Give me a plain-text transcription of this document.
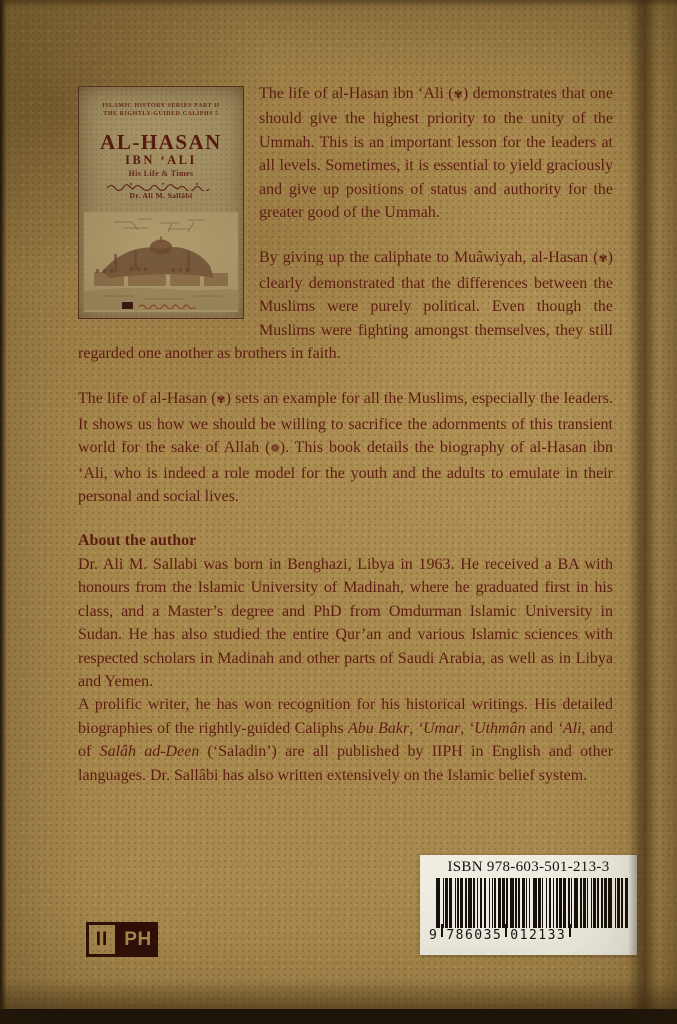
ISLAMIC HISTORY SERIES PART II
THE RIGHTLY-GUIDED CALIPHS 5
AL-HASAN
IBN ‘ALI
His Life & Times
Dr. Ali M. Sallâbi

The life of al-Hasan ibn ‘Ali (✾) demonstrates that one should give the highest priority to the unity of the Ummah. This is an important lesson for the leaders at all levels. Sometimes, it is essential to yield graciously and give up positions of status and authority for the greater good of the Ummah.

By giving up the caliphate to Muâwiyah, al-Hasan (✾) clearly demonstrated that the differences between the Muslims were purely political. Even though the Muslims were fighting amongst themselves, they still regarded one another as brothers in faith.

The life of al-Hasan (✾) sets an example for all the Muslims, especially the leaders. It shows us how we should be willing to sacrifice the adornments of this transient world for the sake of Allah (❁). This book details the biography of al-Hasan ibn ‘Ali, who is indeed a role model for the youth and the adults to emulate in their personal and social lives.

About the author

Dr. Ali M. Sallabi was born in Benghazi, Libya in 1963. He received a BA with honours from the Islamic University of Madinah, where he graduated first in his class, and a Master’s degree and PhD from Omdurman Islamic University in Sudan. He has also studied the entire Qur’an and various Islamic sciences with respected scholars in Madinah and other parts of Saudi Arabia, as well as in Libya and Yemen.

A prolific writer, he has won recognition for his historical writings. His detailed biographies of the rightly-guided Caliphs Abu Bakr, ‘Umar, ‘Uthmân and ‘Ali, and of Salâh ad-Deen (‘Saladin’) are all published by IIPH in English and other languages. Dr. Sallâbi has also written extensively on the Islamic belief system.

II PH
ISBN 978-603-501-213-3
9 786035 012133
